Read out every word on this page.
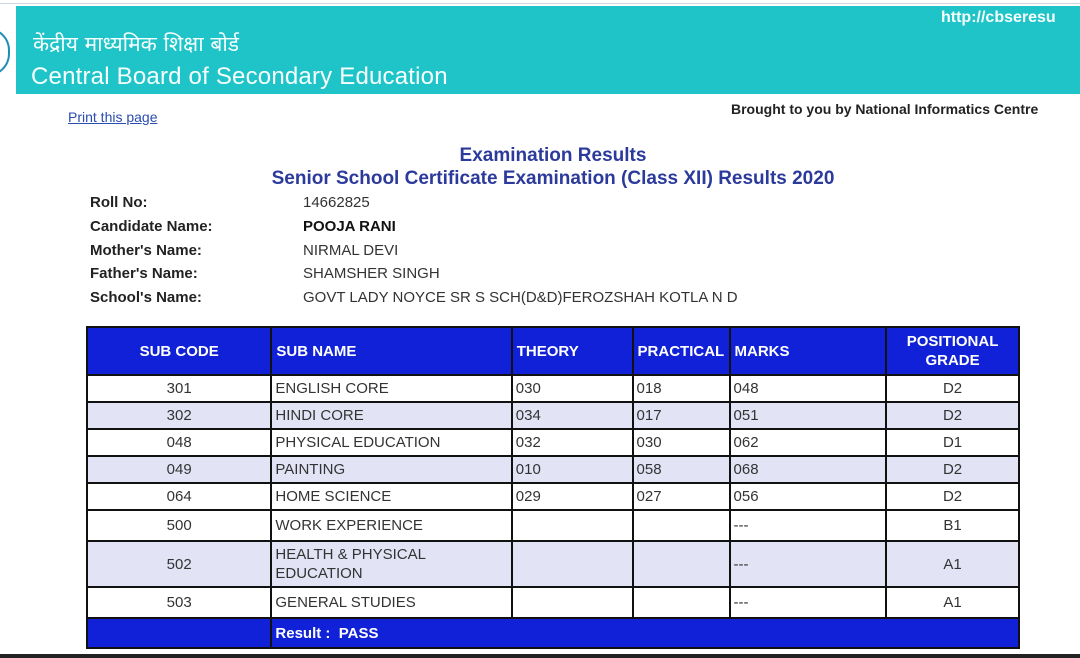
केंद्रीय माध्यमिक शिक्षा बोर्ड
Central Board of Secondary Education
http://cbseresu
Print this page	Brought to you by National Informatics Centre
Examination Results
Senior School Certificate Examination (Class XII) Results 2020
Roll No:	14662825
Candidate Name:	POOJA RANI
Mother's Name:	NIRMAL DEVI
Father's Name:	SHAMSHER SINGH
School's Name:	GOVT LADY NOYCE SR S SCH(D&D)FEROZSHAH KOTLA N D
SUB CODE	SUB NAME	THEORY	PRACTICAL	MARKS	POSITIONAL
GRADE
301	ENGLISH CORE	030	018	048	D2
302	HINDI CORE	034	017	051	D2
048	PHYSICAL EDUCATION	032	030	062	D1
049	PAINTING	010	058	068	D2
064	HOME SCIENCE	029	027	056	D2
500	WORK EXPERIENCE			---	B1
502	HEALTH & PHYSICAL
EDUCATION			---	A1
503	GENERAL STUDIES			---	A1
	Result : PASS				
